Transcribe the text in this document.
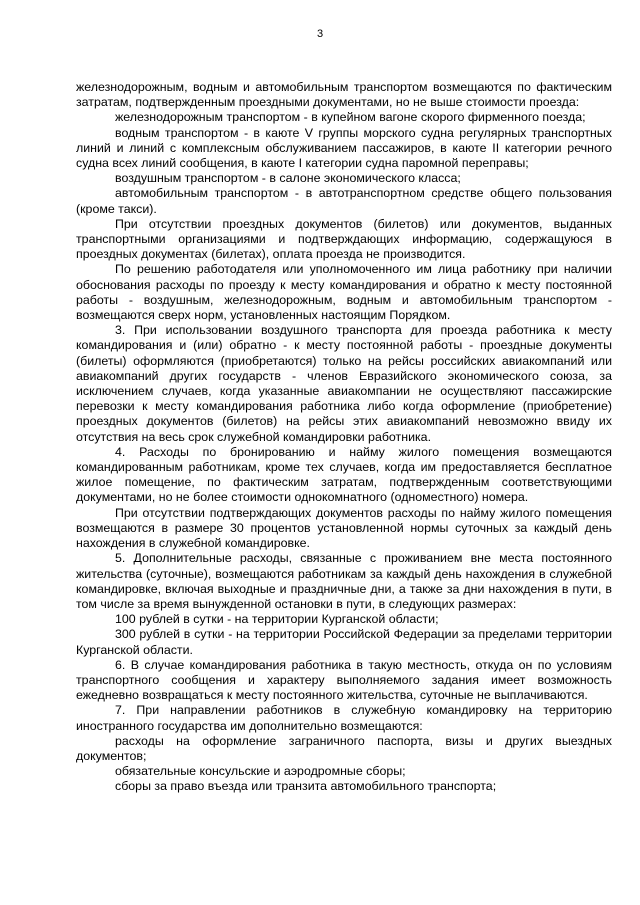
3

железнодорожным, водным и автомобильным транспортом возмещаются по фактическим затратам, подтвержденным проездными документами, но не выше стоимости проезда:

железнодорожным транспортом - в купейном вагоне скорого фирменного поезда;

водным транспортом - в каюте V группы морского судна регулярных транспортных линий и линий с комплексным обслуживанием пассажиров, в каюте II категории речного судна всех линий сообщения, в каюте I категории судна паромной переправы;

воздушным транспортом - в салоне экономического класса;

автомобильным транспортом - в автотранспортном средстве общего пользования (кроме такси).

При отсутствии проездных документов (билетов) или документов, выданных транспортными организациями и подтверждающих информацию, содержащуюся в проездных документах (билетах), оплата проезда не производится.

По решению работодателя или уполномоченного им лица работнику при наличии обоснования расходы по проезду к месту командирования и обратно к месту постоянной работы - воздушным, железнодорожным, водным и автомобильным транспортом - возмещаются сверх норм, установленных настоящим Порядком.

3. При использовании воздушного транспорта для проезда работника к месту командирования и (или) обратно - к месту постоянной работы - проездные документы (билеты) оформляются (приобретаются) только на рейсы российских авиакомпаний или авиакомпаний других государств - членов Евразийского экономического союза, за исключением случаев, когда указанные авиакомпании не осуществляют пассажирские перевозки к месту командирования работника либо когда оформление (приобретение) проездных документов (билетов) на рейсы этих авиакомпаний невозможно ввиду их отсутствия на весь срок служебной командировки работника.

4. Расходы по бронированию и найму жилого помещения возмещаются командированным работникам, кроме тех случаев, когда им предоставляется бесплатное жилое помещение, по фактическим затратам, подтвержденным соответствующими документами, но не более стоимости однокомнатного (одноместного) номера.

При отсутствии подтверждающих документов расходы по найму жилого помещения возмещаются в размере 30 процентов установленной нормы суточных за каждый день нахождения в служебной командировке.

5. Дополнительные расходы, связанные с проживанием вне места постоянного жительства (суточные), возмещаются работникам за каждый день нахождения в служебной командировке, включая выходные и праздничные дни, а также за дни нахождения в пути, в том числе за время вынужденной остановки в пути, в следующих размерах:

100 рублей в сутки - на территории Курганской области;

300 рублей в сутки - на территории Российской Федерации за пределами территории Курганской области.

6. В случае командирования работника в такую местность, откуда он по условиям транспортного сообщения и характеру выполняемого задания имеет возможность ежедневно возвращаться к месту постоянного жительства, суточные не выплачиваются.

7. При направлении работников в служебную командировку на территорию иностранного государства им дополнительно возмещаются:

расходы на оформление заграничного паспорта, визы и других выездных документов;

обязательные консульские и аэродромные сборы;

сборы за право въезда или транзита автомобильного транспорта;
